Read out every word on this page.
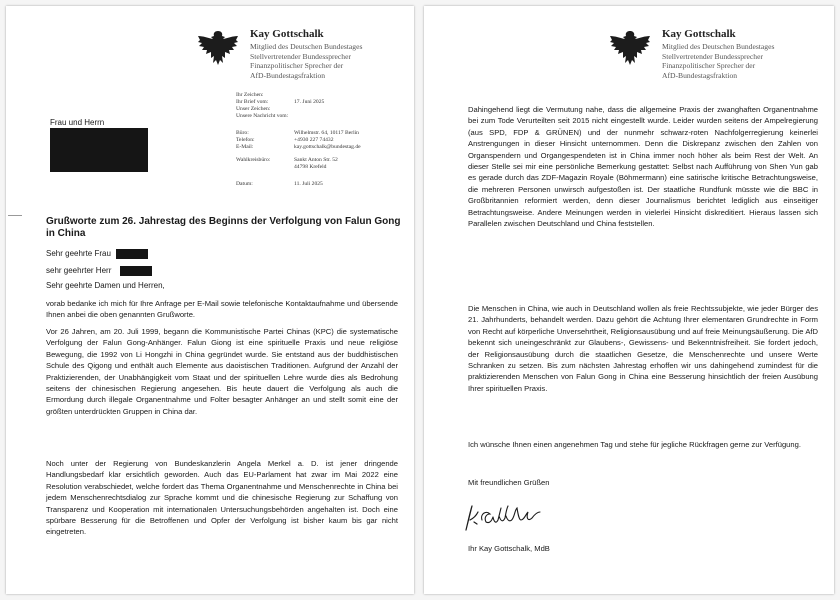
Kay Gottschalk
Mitglied des Deutschen Bundestages
Stellvertretender Bundessprecher
Finanzpolitischer Sprecher der
AfD-Bundestagsfraktion
Frau und Herrn
Ihr Zeichen:
Ihr Brief vom:	17. Juni 2025
Unser Zeichen:
Unsere Nachricht vom:
Büro:	Wilhelmstr. 64, 10117 Berlin
Telefon:	+4930 227 74432
E-Mail:	kay.gottschalk@bundestag.de
Wahlkreisbüro:	Sankt Anton Str. 52
44798 Krefeld
Datum:	11. Juli 2025
Grußworte zum 26. Jahrestag des Beginns der Verfolgung von Falun Gong in China
Sehr geehrte Frau
sehr geehrter Herr
Sehr geehrte Damen und Herren,

vorab bedanke ich mich für Ihre Anfrage per E-Mail sowie telefonische Kontaktaufnahme und übersende Ihnen anbei die oben genannten Grußworte.

Vor 26 Jahren, am 20. Juli 1999, begann die Kommunistische Partei Chinas (KPC) die systematische Verfolgung der Falun Gong-Anhänger. Falun Giong ist eine spirituelle Praxis und neue religiöse Bewegung, die 1992 von Li Hongzhi in China gegründet wurde. Sie entstand aus der buddhistischen Schule des Qigong und enthält auch Elemente aus daoistischen Traditionen. Aufgrund der Anzahl der Praktizierenden, der Unabhängigkeit vom Staat und der spirituellen Lehre wurde dies als Bedrohung seitens der chinesischen Regierung angesehen. Bis heute dauert die Verfolgung als auch die Ermordung durch illegale Organentnahme und Folter besagter Anhänger an und stellt somit eine der größten unterdrückten Gruppen in China dar.

Noch unter der Regierung von Bundeskanzlerin Angela Merkel a. D. ist jener dringende Handlungsbedarf klar ersichtlich geworden. Auch das EU-Parlament hat zwar im Mai 2022 eine Resolution verabschiedet, welche fordert das Thema Organentnahme und Menschenrechte in China bei jedem Menschenrechtsdialog zur Sprache kommt und die chinesische Regierung zur Schaffung von Transparenz und Kooperation mit internationalen Untersuchungsbehörden angehalten ist. Doch eine spürbare Besserung für die Betroffenen und Opfer der Verfolgung ist bisher kaum bis gar nicht eingetreten.

Kay Gottschalk
Mitglied des Deutschen Bundestages
Stellvertretender Bundessprecher
Finanzpolitischer Sprecher der
AfD-Bundestagsfraktion

Dahingehend liegt die Vermutung nahe, dass die allgemeine Praxis der zwanghaften Organentnahme bei zum Tode Verurteilten seit 2015 nicht eingestellt wurde. Leider wurden seitens der Ampelregierung (aus SPD, FDP & GRÜNEN) und der nunmehr schwarz-roten Nachfolgerregierung keinerlei Anstrengungen in dieser Hinsicht unternommen. Denn die Diskrepanz zwischen den Zahlen von Organspendern und Organgespendeten ist in China immer noch höher als beim Rest der Welt. An dieser Stelle sei mir eine persönliche Bemerkung gestattet: Selbst nach Aufführung von Shen Yun gab es gerade durch das ZDF-Magazin Royale (Böhmermann) eine satirische kritische Betrachtungsweise, die mehreren Personen unwirsch aufgestoßen ist. Der staatliche Rundfunk müsste wie die BBC in Großbritannien reformiert werden, denn dieser Journalismus berichtet lediglich aus einseitiger Betrachtungsweise. Andere Meinungen werden in vielerlei Hinsicht diskreditiert. Hieraus lassen sich Parallelen zwischen Deutschland und China feststellen.

Die Menschen in China, wie auch in Deutschland wollen als freie Rechtssubjekte, wie jeder Bürger des 21. Jahrhunderts, behandelt werden. Dazu gehört die Achtung Ihrer elementaren Grundrechte in Form von Recht auf körperliche Unversehrtheit, Religionsausübung und auf freie Meinungsäußerung. Die AfD bekennt sich uneingeschränkt zur Glaubens-, Gewissens- und Bekenntnisfreiheit. Sie fordert jedoch, der Religionsausübung durch die staatlichen Gesetze, die Menschenrechte und unsere Werte Schranken zu setzen. Bis zum nächsten Jahrestag erhoffen wir uns dahingehend zumindest für die praktizierenden Menschen von Falun Gong in China eine Besserung hinsichtlich der freien Ausübung Ihrer spirituellen Praxis.

Ich wünsche Ihnen einen angenehmen Tag und stehe für jegliche Rückfragen gerne zur Verfügung.

Mit freundlichen Grüßen
Ihr Kay Gottschalk, MdB
